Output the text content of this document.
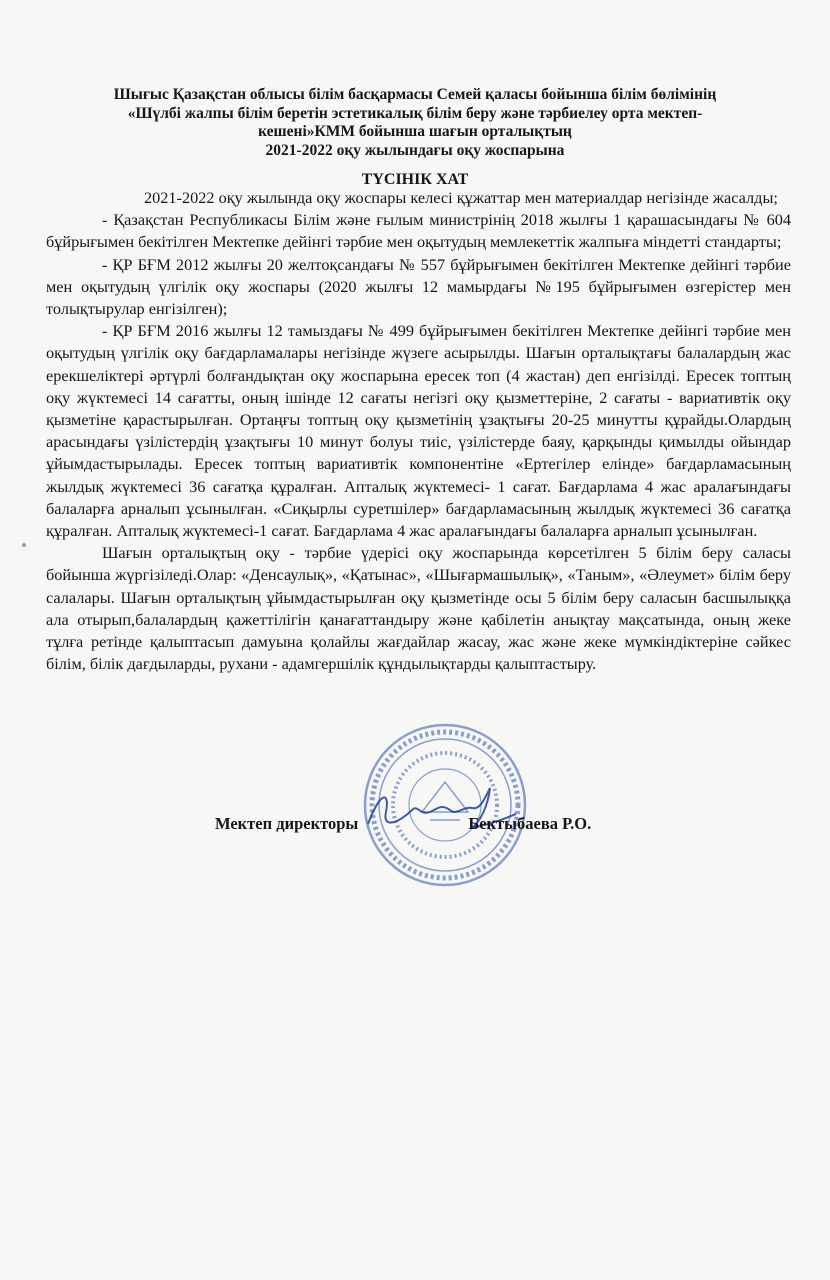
Шығыс Қазақстан облысы білім басқармасы Семей қаласы бойынша білім бөлімінің
«Шүлбі жалпы білім беретін эстетикалық білім беру және тәрбиелеу орта мектеп-
кешені»КММ бойынша шағын орталықтың
2021-2022 оқу жылындағы оқу жоспарына
ТҮСІНІК ХАТ

2021-2022 оқу жылында оқу жоспары келесі құжаттар мен материалдар негізінде жасалды;

- Қазақстан Республикасы Білім және ғылым министрінің 2018 жылғы 1 қарашасындағы № 604 бұйрығымен бекітілген Мектепке дейінгі тәрбие мен оқытудың мемлекеттік жалпыға міндетті стандарты;

- ҚР БҒМ 2012 жылғы 20 желтоқсандағы № 557 бұйрығымен бекітілген Мектепке дейінгі тәрбие мен оқытудың үлгілік оқу жоспары (2020 жылғы 12 мамырдағы №195 бұйрығымен өзгерістер мен толықтырулар енгізілген);

- ҚР БҒМ 2016 жылғы 12 тамыздағы № 499 бұйрығымен бекітілген Мектепке дейінгі тәрбие мен оқытудың үлгілік оқу бағдарламалары негізінде жүзеге асырылды. Шағын орталықтағы балалардың жас ерекшеліктері әртүрлі болғандықтан оқу жоспарына ересек топ (4 жастан) деп енгізілді. Ересек топтың оқу жүктемесі 14 сағатты, оның ішінде 12 сағаты негізгі оқу қызметтеріне, 2 сағаты - вариативтік оқу қызметіне қарастырылған. Ортаңғы топтың оқу қызметінің ұзақтығы 20-25 минутты құрайды.Олардың арасындағы үзілістердің ұзақтығы 10 минут болуы тиіс, үзілістерде баяу, қарқынды қимылды ойындар ұйымдастырылады. Ересек топтың вариативтік компонентіне «Ертегілер елінде» бағдарламасының жылдық жүктемесі 36 сағатқа құралған. Апталық жүктемесі- 1 сағат. Бағдарлама 4 жас аралағындағы балаларға арналып ұсынылған. «Сиқырлы суретшілер» бағдарламасының жылдық жүктемесі 36 сағатқа құралған. Апталық жүктемесі-1 сағат. Бағдарлама 4 жас аралағындағы балаларға арналып ұсынылған.

Шағын орталықтың оқу - тәрбие үдерісі оқу жоспарында көрсетілген 5 білім беру саласы бойынша жүргізіледі.Олар: «Денсаулық», «Қатынас», «Шығармашылық», «Таным», «Әлеумет» білім беру салалары. Шағын орталықтың ұйымдастырылған оқу қызметінде осы 5 білім беру саласын басшылыққа ала отырып,балалардың қажеттілігін қанағаттандыру және қабілетін анықтау мақсатында, оның жеке тұлға ретінде қалыптасып дамуына қолайлы жағдайлар жасау, жас және жеке мүмкіндіктеріне сәйкес білім, білік дағдыларды, рухани - адамгершілік құндылықтарды қалыптастыру.

Мектеп директоры	Бектыбаева Р.О.
